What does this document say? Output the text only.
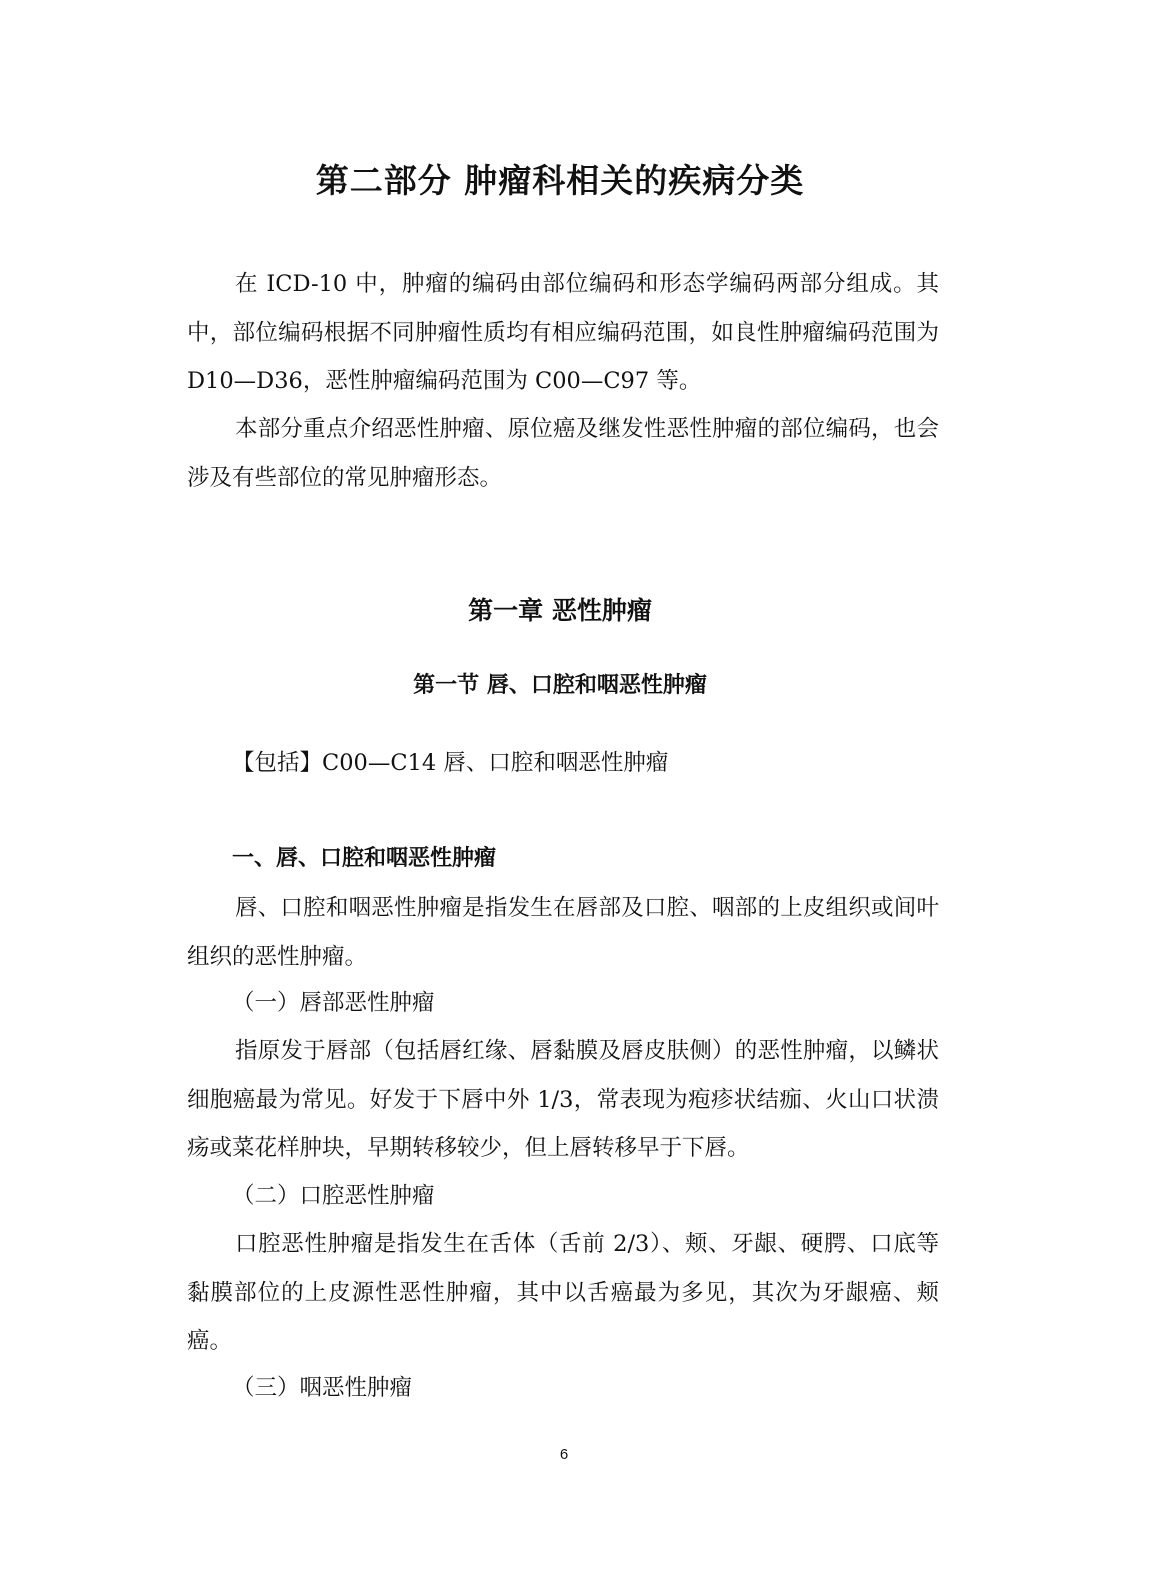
第二部分 肿瘤科相关的疾病分类

在 ICD-10 中，肿瘤的编码由部位编码和形态学编码两部分组成。其中，部位编码根据不同肿瘤性质均有相应编码范围，如良性肿瘤编码范围为 D10—D36，恶性肿瘤编码范围为 C00—C97 等。

本部分重点介绍恶性肿瘤、原位癌及继发性恶性肿瘤的部位编码，也会涉及有些部位的常见肿瘤形态。

第一章 恶性肿瘤
第一节 唇、口腔和咽恶性肿瘤
【包括】C00—C14 唇、口腔和咽恶性肿瘤
一、唇、口腔和咽恶性肿瘤

唇、口腔和咽恶性肿瘤是指发生在唇部及口腔、咽部的上皮组织或间叶组织的恶性肿瘤。

（一）唇部恶性肿瘤

指原发于唇部（包括唇红缘、唇黏膜及唇皮肤侧）的恶性肿瘤，以鳞状细胞癌最为常见。好发于下唇中外 1/3，常表现为疱疹状结痂、火山口状溃疡或菜花样肿块，早期转移较少，但上唇转移早于下唇。

（二）口腔恶性肿瘤

口腔恶性肿瘤是指发生在舌体（舌前 2/3）、颊、牙龈、硬腭、口底等黏膜部位的上皮源性恶性肿瘤，其中以舌癌最为多见，其次为牙龈癌、颊癌。

（三）咽恶性肿瘤
6
